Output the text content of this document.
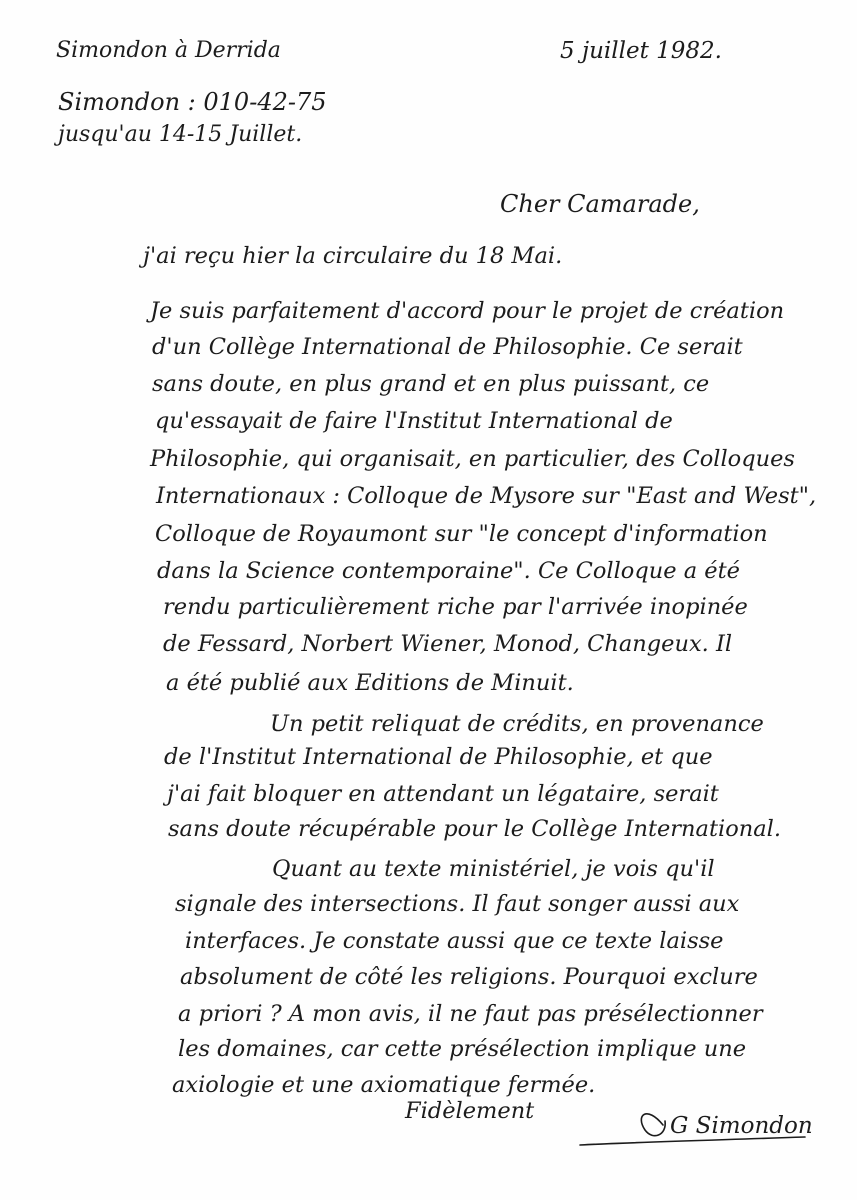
Simondon à Derrida	5 juillet 1982.
Simondon : 010-42-75
jusqu'au 14-15 Juillet.
Cher Camarade,
j'ai reçu hier la circulaire du 18 Mai.
Je suis parfaitement d'accord pour le projet de création
d'un Collège International de Philosophie. Ce serait
sans doute, en plus grand et en plus puissant, ce
qu'essayait de faire l'Institut International de
Philosophie, qui organisait, en particulier, des Colloques
Internationaux : Colloque de Mysore sur "East and West",
Colloque de Royaumont sur "le concept d'information
dans la Science contemporaine". Ce Colloque a été
rendu particulièrement riche par l'arrivée inopinée
de Fessard, Norbert Wiener, Monod, Changeux. Il
a été publié aux Editions de Minuit.
Un petit reliquat de crédits, en provenance
de l'Institut International de Philosophie, et que
j'ai fait bloquer en attendant un légataire, serait
sans doute récupérable pour le Collège International.
Quant au texte ministériel, je vois qu'il
signale des intersections. Il faut songer aussi aux
interfaces. Je constate aussi que ce texte laisse
absolument de côté les religions. Pourquoi exclure
a priori ? A mon avis, il ne faut pas présélectionner
les domaines, car cette présélection implique une
axiologie et une axiomatique fermée.
Fidèlement
G Simondon
